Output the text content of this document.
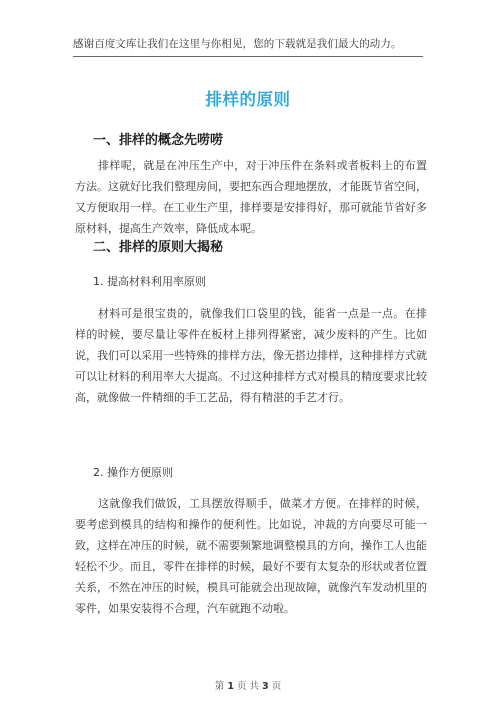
感谢百度文库让我们在这里与你相见，您的下载就是我们最大的动力。
排样的原则
一、排样的概念先唠唠

排样呢，就是在冲压生产中，对于冲压件在条料或者板料上的布置方法。这就好比我们整理房间，要把东西合理地摆放，才能既节省空间，又方便取用一样。在工业生产里，排样要是安排得好，那可就能节省好多原材料，提高生产效率，降低成本呢。

二、排样的原则大揭秘
1. 提高材料利用率原则

材料可是很宝贵的，就像我们口袋里的钱，能省一点是一点。在排样的时候，要尽量让零件在板材上排列得紧密，减少废料的产生。比如说，我们可以采用一些特殊的排样方法，像无搭边排样，这种排样方式就可以让材料的利用率大大提高。不过这种排样方式对模具的精度要求比较高，就像做一件精细的手工艺品，得有精湛的手艺才行。

2. 操作方便原则

这就像我们做饭，工具摆放得顺手，做菜才方便。在排样的时候，要考虑到模具的结构和操作的便利性。比如说，冲裁的方向要尽可能一致，这样在冲压的时候，就不需要频繁地调整模具的方向，操作工人也能轻松不少。而且，零件在排样的时候，最好不要有太复杂的形状或者位置关系，不然在冲压的时候，模具可能就会出现故障，就像汽车发动机里的零件，如果安装得不合理，汽车就跑不动啦。

第 1 页 共 3 页
